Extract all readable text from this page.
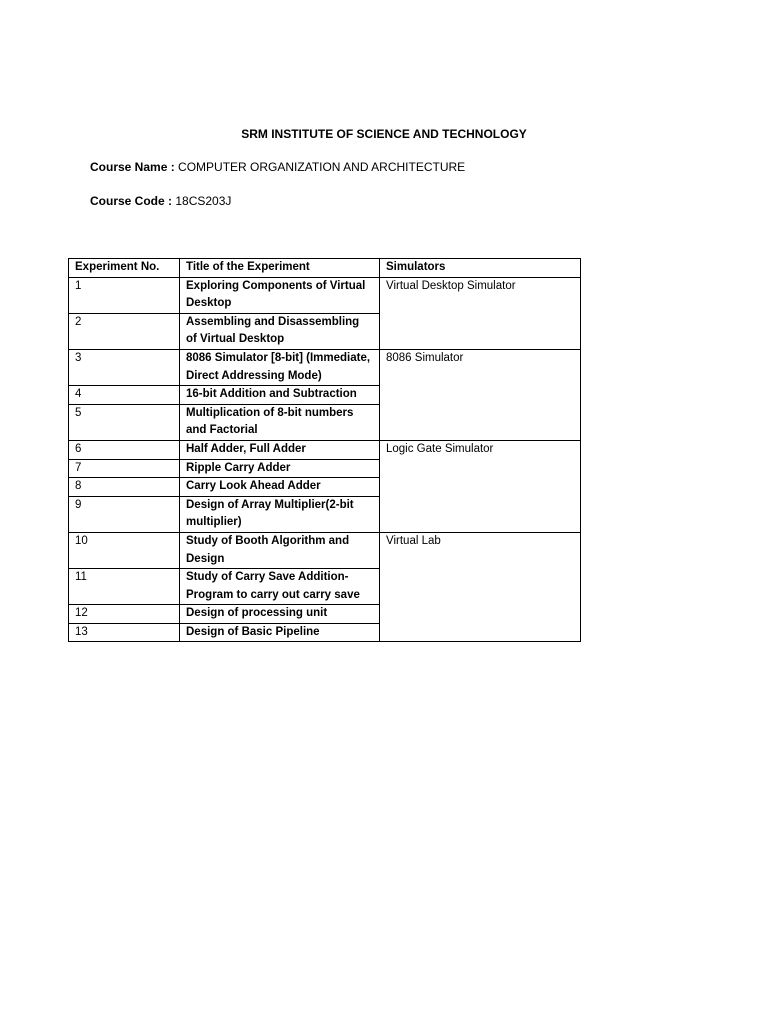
SRM INSTITUTE OF SCIENCE AND TECHNOLOGY
Course Name : COMPUTER ORGANIZATION AND ARCHITECTURE
Course Code : 18CS203J
Experiment No.	Title of the Experiment	Simulators
1	Exploring Components of Virtual Desktop	Virtual Desktop Simulator
2	Assembling and Disassembling of Virtual Desktop	
3	8086 Simulator [8-bit] (Immediate, Direct Addressing Mode)	8086 Simulator
4	16-bit Addition and Subtraction	
5	Multiplication of 8-bit numbers and Factorial	
6	Half Adder, Full Adder	Logic Gate Simulator
7	Ripple Carry Adder	
8	Carry Look Ahead Adder	
9	Design of Array Multiplier(2-bit multiplier)	
10	Study of Booth Algorithm and Design	Virtual Lab
11	Study of Carry Save Addition-Program to carry out carry save	
12	Design of processing unit	
13	Design of Basic Pipeline	
